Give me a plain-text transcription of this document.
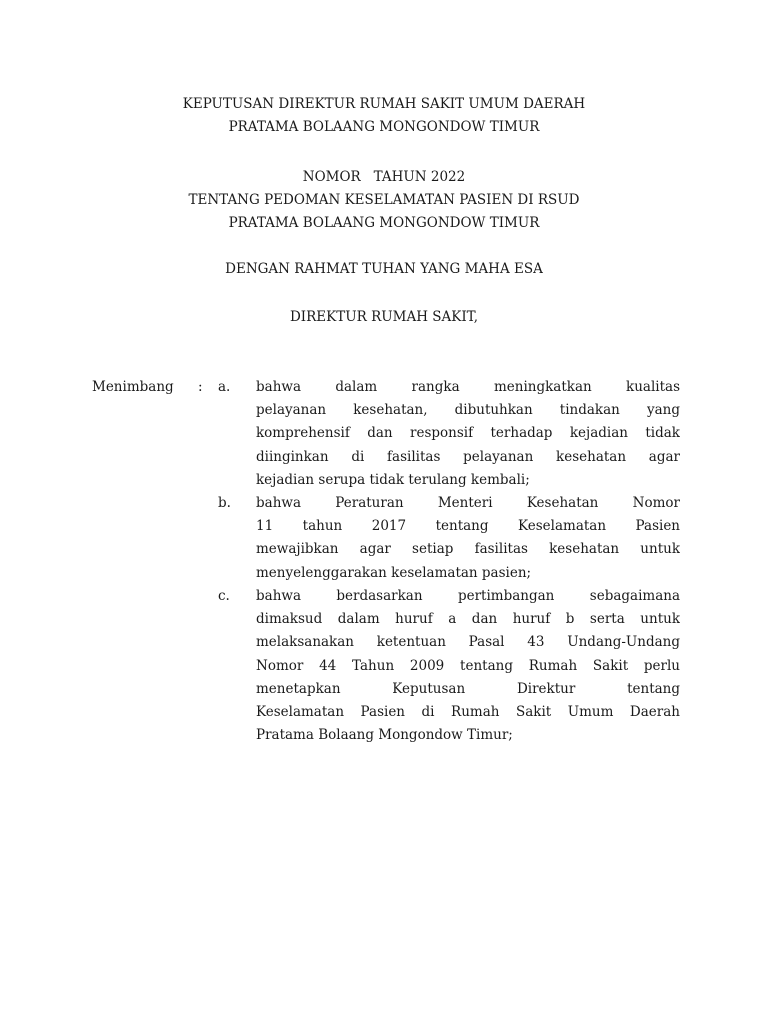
KEPUTUSAN DIREKTUR RUMAH SAKIT UMUM DAERAH
PRATAMA BOLAANG MONGONDOW TIMUR
NOMOR   TAHUN 2022
TENTANG PEDOMAN KESELAMATAN PASIEN DI RSUD
PRATAMA BOLAANG MONGONDOW TIMUR
DENGAN RAHMAT TUHAN YANG MAHA ESA
DIREKTUR RUMAH SAKIT,
Menimbang : a. bahwa dalam rangka meningkatkan kualitas
pelayanan kesehatan, dibutuhkan tindakan yang
komprehensif dan responsif terhadap kejadian tidak
diinginkan di fasilitas pelayanan kesehatan agar
kejadian serupa tidak terulang kembali;
b. bahwa Peraturan Menteri Kesehatan Nomor
11 tahun 2017 tentang Keselamatan Pasien
mewajibkan agar setiap fasilitas kesehatan untuk
menyelenggarakan keselamatan pasien;
c. bahwa berdasarkan pertimbangan sebagaimana
dimaksud dalam huruf a dan huruf b serta untuk
melaksanakan ketentuan Pasal 43 Undang-Undang
Nomor 44 Tahun 2009 tentang Rumah Sakit perlu
menetapkan Keputusan Direktur tentang
Keselamatan Pasien di Rumah Sakit Umum Daerah
Pratama Bolaang Mongondow Timur;
